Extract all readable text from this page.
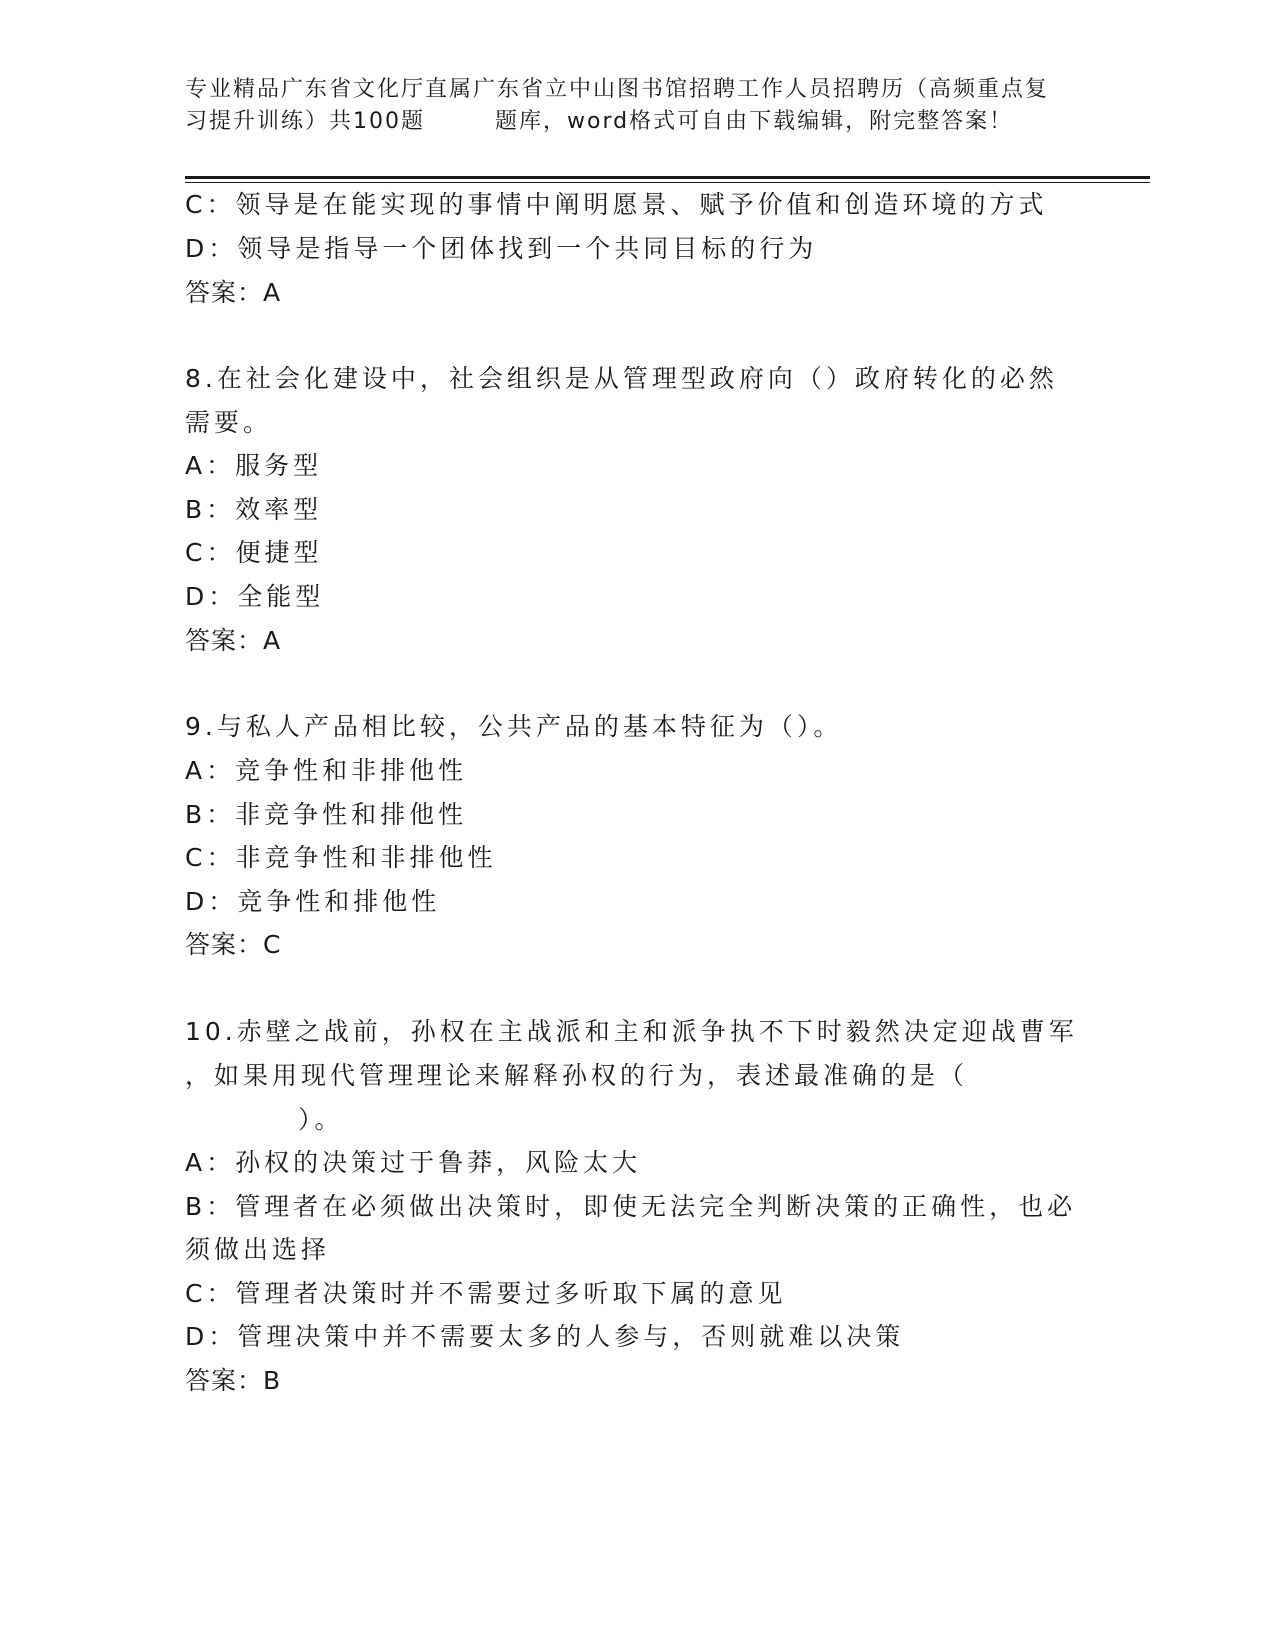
专业精品广东省文化厅直属广东省立中山图书馆招聘工作人员招聘历（高频重点复
习提升训练）共100题	题库，word格式可自由下载编辑，附完整答案！
C：领导是在能实现的事情中阐明愿景、赋予价值和创造环境的方式
D：领导是指导一个团体找到一个共同目标的行为
答案：A
8.在社会化建设中，社会组织是从管理型政府向（）政府转化的必然
需要。
A：服务型
B：效率型
C：便捷型
D：全能型
答案：A
9.与私人产品相比较，公共产品的基本特征为（）。
A：竞争性和非排他性
B：非竞争性和排他性
C：非竞争性和非排他性
D：竞争性和排他性
答案：C
10.赤壁之战前，孙权在主战派和主和派争执不下时毅然决定迎战曹军
，如果用现代管理理论来解释孙权的行为，表述最准确的是（
）。
A：孙权的决策过于鲁莽，风险太大
B：管理者在必须做出决策时，即使无法完全判断决策的正确性，也必
须做出选择
C：管理者决策时并不需要过多听取下属的意见
D：管理决策中并不需要太多的人参与，否则就难以决策
答案：B
